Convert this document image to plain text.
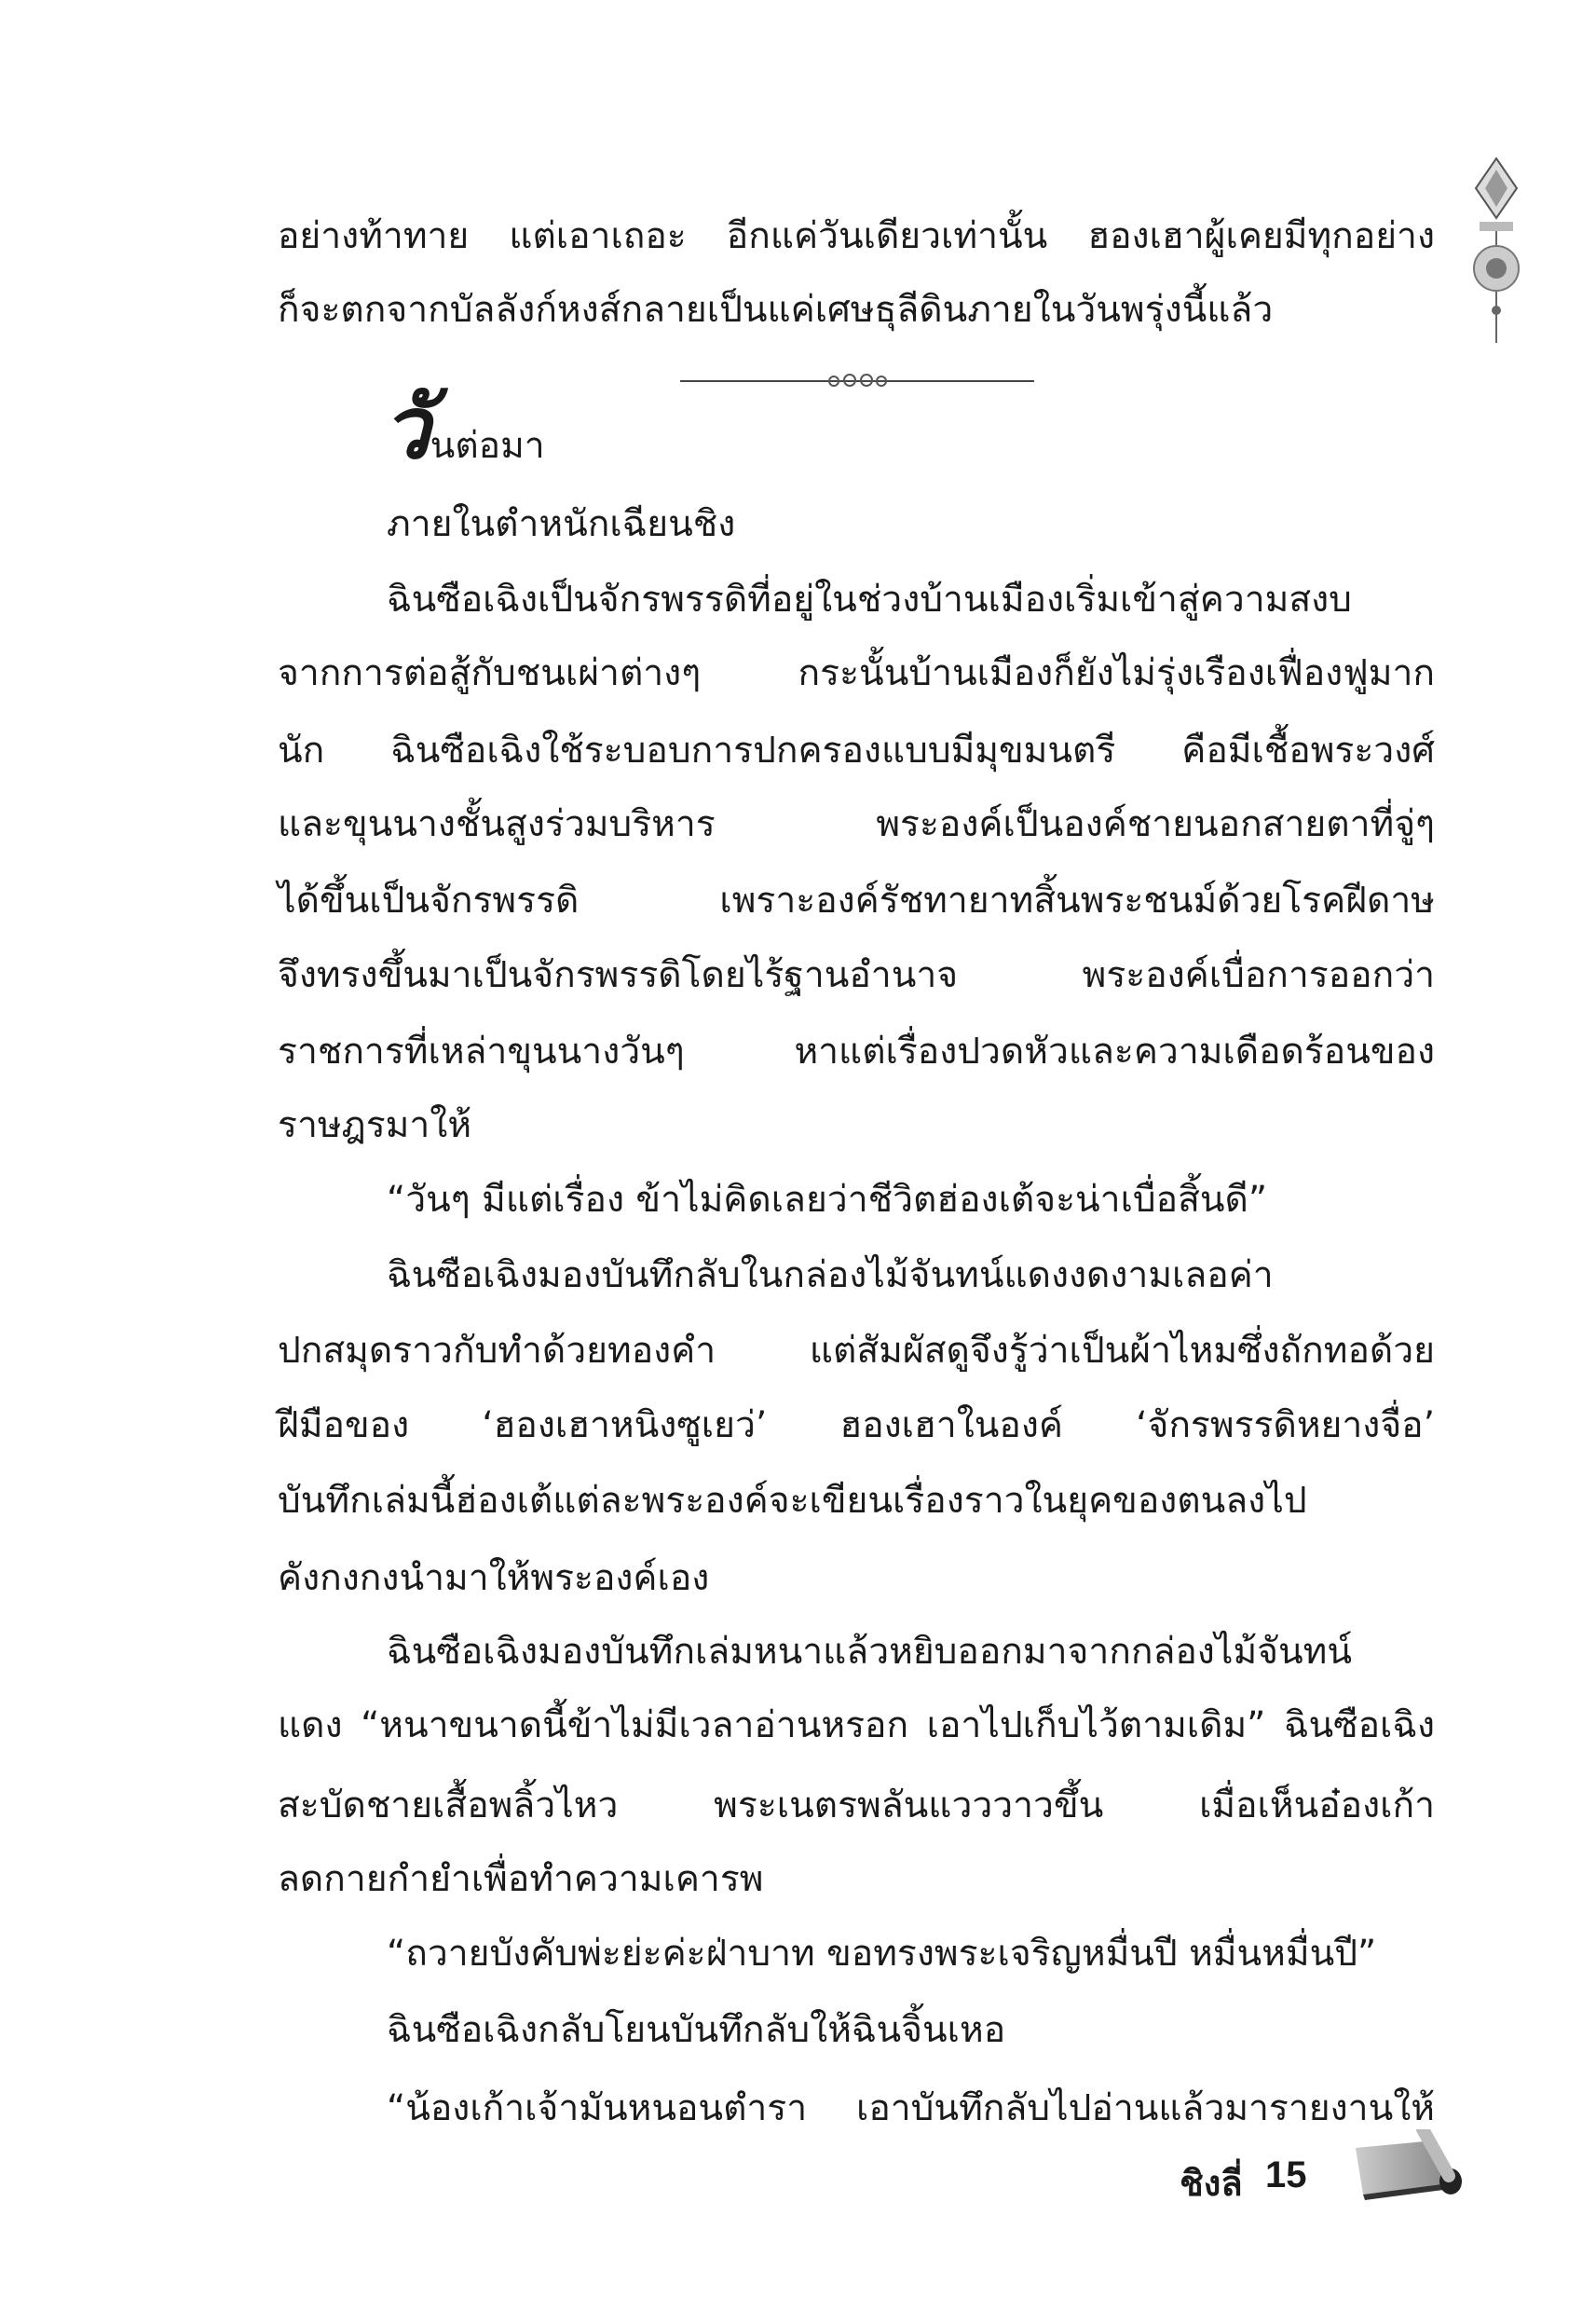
อย่างท้าทาย แต่เอาเถอะ อีกแค่วันเดียวเท่านั้น ฮองเฮาผู้เคยมีทุกอย่าง
ก็จะตกจากบัลลังก์หงส์กลายเป็นแค่เศษธุลีดินภายในวันพรุ่งนี้แล้ว
วันต่อมา
ภายในตำหนักเฉียนชิง
ฉินซือเฉิงเป็นจักรพรรดิที่อยู่ในช่วงบ้านเมืองเริ่มเข้าสู่ความสงบ
จากการต่อสู้กับชนเผ่าต่างๆ กระนั้นบ้านเมืองก็ยังไม่รุ่งเรืองเฟื่องฟูมาก
นัก ฉินซือเฉิงใช้ระบอบการปกครองแบบมีมุขมนตรี คือมีเชื้อพระวงศ์
และขุนนางชั้นสูงร่วมบริหาร พระองค์เป็นองค์ชายนอกสายตาที่จู่ๆ
ได้ขึ้นเป็นจักรพรรดิ เพราะองค์รัชทายาทสิ้นพระชนม์ด้วยโรคฝีดาษ
จึงทรงขึ้นมาเป็นจักรพรรดิโดยไร้ฐานอำนาจ พระองค์เบื่อการออกว่า
ราชการที่เหล่าขุนนางวันๆ หาแต่เรื่องปวดหัวและความเดือดร้อนของ
ราษฎรมาให้
“วันๆ มีแต่เรื่อง ข้าไม่คิดเลยว่าชีวิตฮ่องเต้จะน่าเบื่อสิ้นดี”
ฉินซือเฉิงมองบันทึกลับในกล่องไม้จันทน์แดงงดงามเลอค่า
ปกสมุดราวกับทำด้วยทองคำ แต่สัมผัสดูจึงรู้ว่าเป็นผ้าไหมซึ่งถักทอด้วย
ฝีมือของ ‘ฮองเฮาหนิงซูเยว่’ ฮองเฮาในองค์ ‘จักรพรรดิหยางจื่อ’
บันทึกเล่มนี้ฮ่องเต้แต่ละพระองค์จะเขียนเรื่องราวในยุคของตนลงไป
คังกงกงนำมาให้พระองค์เอง
ฉินซือเฉิงมองบันทึกเล่มหนาแล้วหยิบออกมาจากกล่องไม้จันทน์
แดง “หนาขนาดนี้ข้าไม่มีเวลาอ่านหรอก เอาไปเก็บไว้ตามเดิม” ฉินซือเฉิง
สะบัดชายเสื้อพลิ้วไหว พระเนตรพลันแวววาวขึ้น เมื่อเห็นอ๋องเก้า
ลดกายกำยำเพื่อทำความเคารพ
“ถวายบังคับพ่ะย่ะค่ะฝ่าบาท ขอทรงพระเจริญหมื่นปี หมื่นหมื่นปี”
ฉินซือเฉิงกลับโยนบันทึกลับให้ฉินจิ้นเหอ
“น้องเก้าเจ้ามันหนอนตำรา เอาบันทึกลับไปอ่านแล้วมารายงานให้
ชิงลี่ 15
